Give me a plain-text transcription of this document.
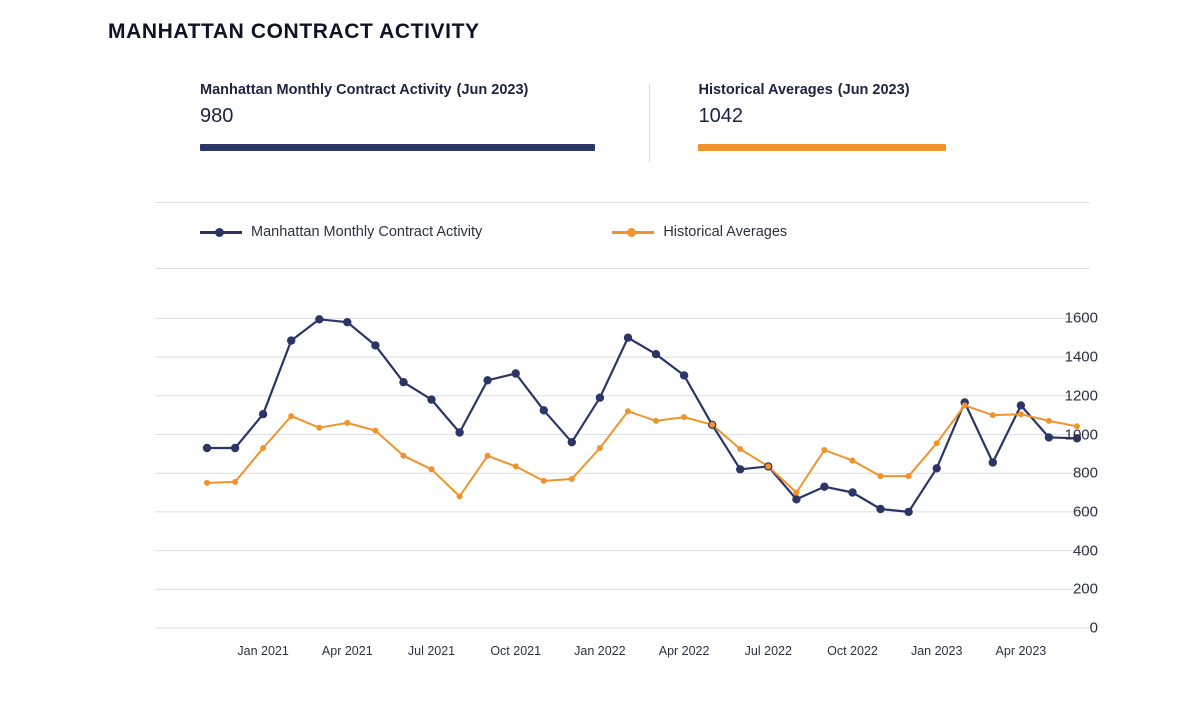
MANHATTAN CONTRACT ACTIVITY
Manhattan Monthly Contract Activity (Jun 2023)
980
Historical Averages (Jun 2023)
1042
Manhattan Monthly Contract Activity	Historical Averages
0
200
400
600
800
1000
1200
1400
1600
Jan 2021	Apr 2021	Jul 2021	Oct 2021	Jan 2022	Apr 2022	Jul 2022	Oct 2022	Jan 2023	Apr 2023
